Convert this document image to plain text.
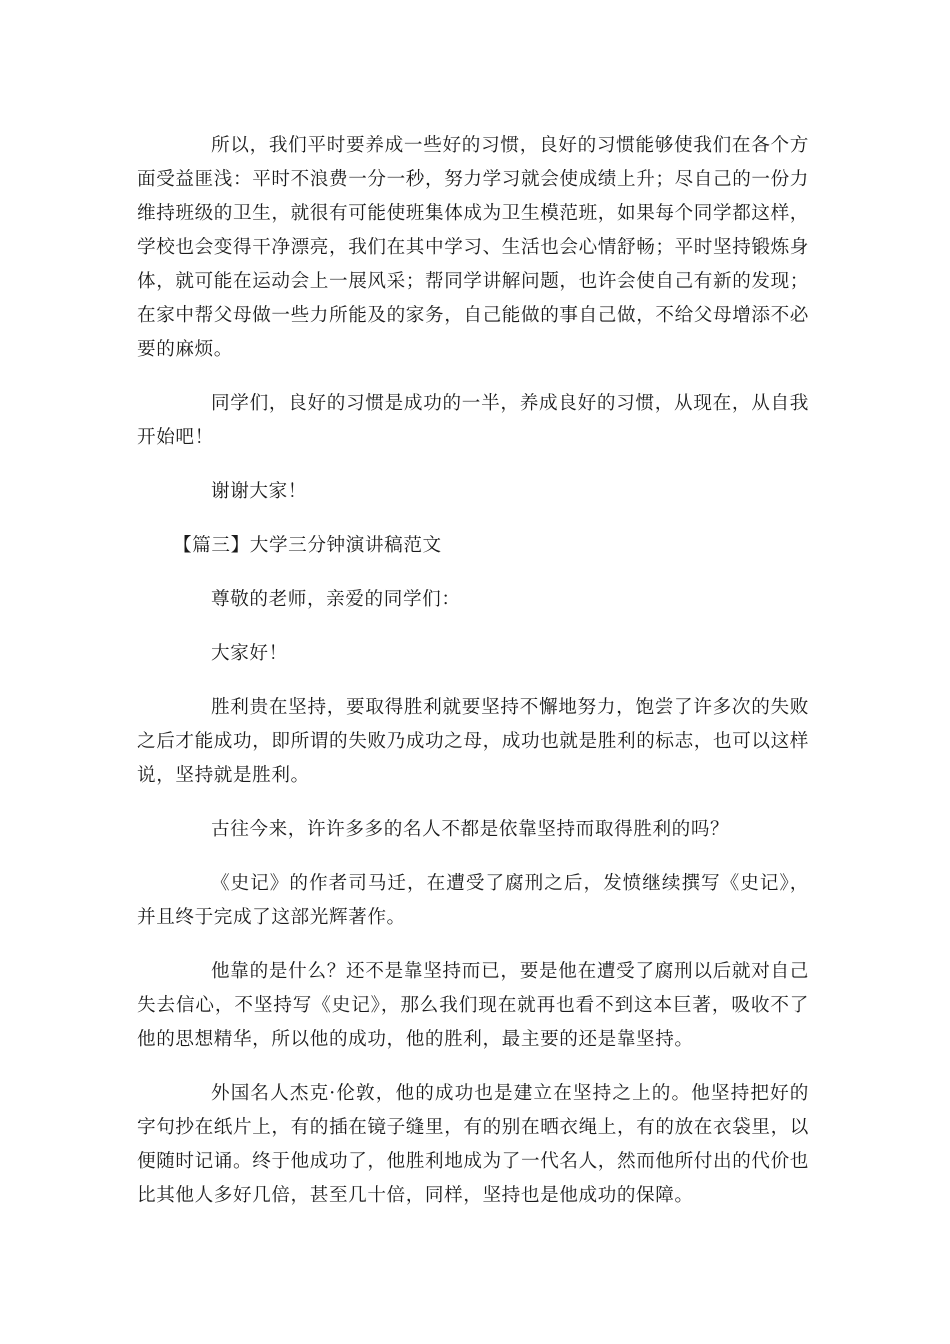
所以，我们平时要养成一些好的习惯，良好的习惯能够使我们在各个方面受益匪浅：平时不浪费一分一秒，努力学习就会使成绩上升；尽自己的一份力维持班级的卫生，就很有可能使班集体成为卫生模范班，如果每个同学都这样，学校也会变得干净漂亮，我们在其中学习、生活也会心情舒畅；平时坚持锻炼身体，就可能在运动会上一展风采；帮同学讲解问题，也许会使自己有新的发现；在家中帮父母做一些力所能及的家务，自己能做的事自己做，不给父母增添不必要的麻烦。

同学们，良好的习惯是成功的一半，养成良好的习惯，从现在，从自我开始吧！

谢谢大家！

【篇三】大学三分钟演讲稿范文

尊敬的老师，亲爱的同学们：

大家好！

胜利贵在坚持，要取得胜利就要坚持不懈地努力，饱尝了许多次的失败之后才能成功，即所谓的失败乃成功之母，成功也就是胜利的标志，也可以这样说，坚持就是胜利。

古往今来，许许多多的名人不都是依靠坚持而取得胜利的吗？

《史记》的作者司马迁，在遭受了腐刑之后，发愤继续撰写《史记》，并且终于完成了这部光辉著作。

他靠的是什么？还不是靠坚持而已，要是他在遭受了腐刑以后就对自己失去信心，不坚持写《史记》，那么我们现在就再也看不到这本巨著，吸收不了他的思想精华，所以他的成功，他的胜利，最主要的还是靠坚持。

外国名人杰克·伦敦，他的成功也是建立在坚持之上的。他坚持把好的字句抄在纸片上，有的插在镜子缝里，有的别在晒衣绳上，有的放在衣袋里，以便随时记诵。终于他成功了，他胜利地成为了一代名人，然而他所付出的代价也比其他人多好几倍，甚至几十倍，同样，坚持也是他成功的保障。
